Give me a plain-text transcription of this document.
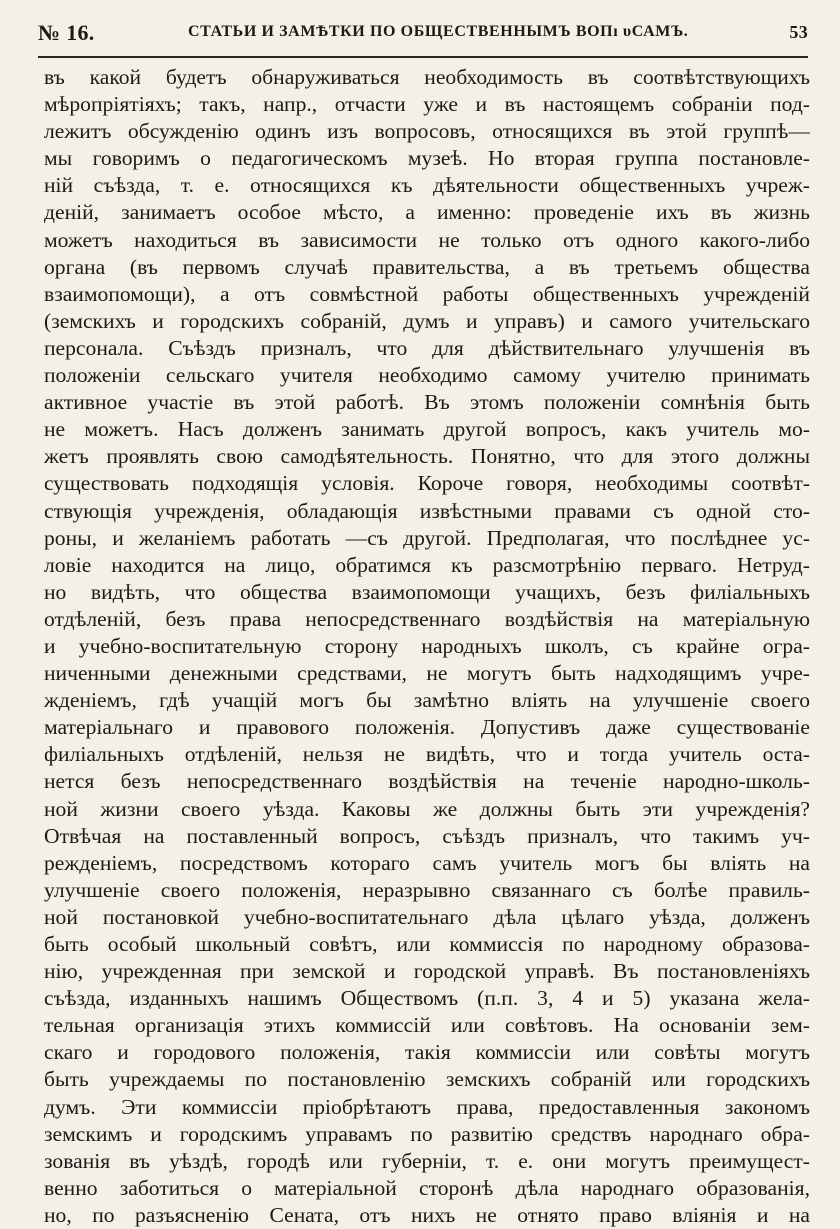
№ 16.	СТАТЬИ И ЗАМѢТКИ ПО ОБЩЕСТВЕННЫМЪ ВОПı υСАМЪ.	53
въ какой будетъ обнаруживаться необходимость въ соотвѣтствующихъ
мѣропріятіяхъ; такъ, напр., отчасти уже и въ настоящемъ собраніи под-
лежитъ обсужденію одинъ изъ вопросовъ, относящихся въ этой группѣ—
мы говоримъ о педагогическомъ музеѣ. Но вторая группа постановле-
ній съѣзда, т. е. относящихся къ дѣятельности общественныхъ учреж-
деній, занимаетъ особое мѣсто, а именно: проведеніе ихъ въ жизнь
можетъ находиться въ зависимости не только отъ одного какого-либо
органа (въ первомъ случаѣ правительства, а въ третьемъ общества
взаимопомощи), а отъ совмѣстной работы общественныхъ учрежденій
(земскихъ и городскихъ собраній, думъ и управъ) и самого учительскаго
персонала. Съѣздъ призналъ, что для дѣйствительнаго улучшенія въ
положеніи сельскаго учителя необходимо самому учителю принимать
активное участіе въ этой работѣ. Въ этомъ положеніи сомнѣнія быть
не можетъ. Насъ долженъ занимать другой вопросъ, какъ учитель мо-
жетъ проявлять свою самодѣятельность. Понятно, что для этого должны
существовать подходящія условія. Короче говоря, необходимы соотвѣт-
ствующія учрежденія, обладающія извѣстными правами съ одной сто-
роны, и желаніемъ работать —съ другой. Предполагая, что послѣднее ус-
ловіе находится на лицо, обратимся къ разсмотрѣнію перваго. Нетруд-
но видѣть, что общества взаимопомощи учащихъ, безъ филіальныхъ
отдѣленій, безъ права непосредственнаго воздѣйствія на матеріальную
и учебно-воспитательную сторону народныхъ школъ, съ крайне огра-
ниченными денежными средствами, не могутъ быть надходящимъ учре-
жденіемъ, гдѣ учащій могъ бы замѣтно вліять на улучшеніе своего
матеріальнаго и правового положенія. Допустивъ даже существованіе
филіальныхъ отдѣленій, нельзя не видѣть, что и тогда учитель оста-
нется безъ непосредственнаго воздѣйствія на теченіе народно-школь-
ной жизни своего уѣзда. Каковы же должны быть эти учрежденія?
Отвѣчая на поставленный вопросъ, съѣздъ призналъ, что такимъ уч-
режденіемъ, посредствомъ котораго самъ учитель могъ бы вліять на
улучшеніе своего положенія, неразрывно связаннаго съ болѣе правиль-
ной постановкой учебно-воспитательнаго дѣла цѣлаго уѣзда, долженъ
быть особый школьный совѣтъ, или коммиссія по народному образова-
нію, учрежденная при земской и городской управѣ. Въ постановленіяхъ
съѣзда, изданныхъ нашимъ Обществомъ (п.п. 3, 4 и 5) указана желa-
тельная организація этихъ коммиссій или совѣтовъ. На основаніи зем-
скаго и городового положенія, такія коммиссіи или совѣты могутъ
быть учреждаемы по постановленію земскихъ собраній или городскихъ
думъ. Эти коммиссіи пріобрѣтаютъ права, предоставленныя закономъ
земскимъ и городскимъ управамъ по развитію средствъ народнаго обра-
зованія въ уѣздѣ, городѣ или губерніи, т. е. они могутъ преимущест-
венно заботиться о матеріальной сторонѣ дѣла народнаго образованія,
но, по разъясненію Сената, отъ нихъ не отнято право вліянія и на
